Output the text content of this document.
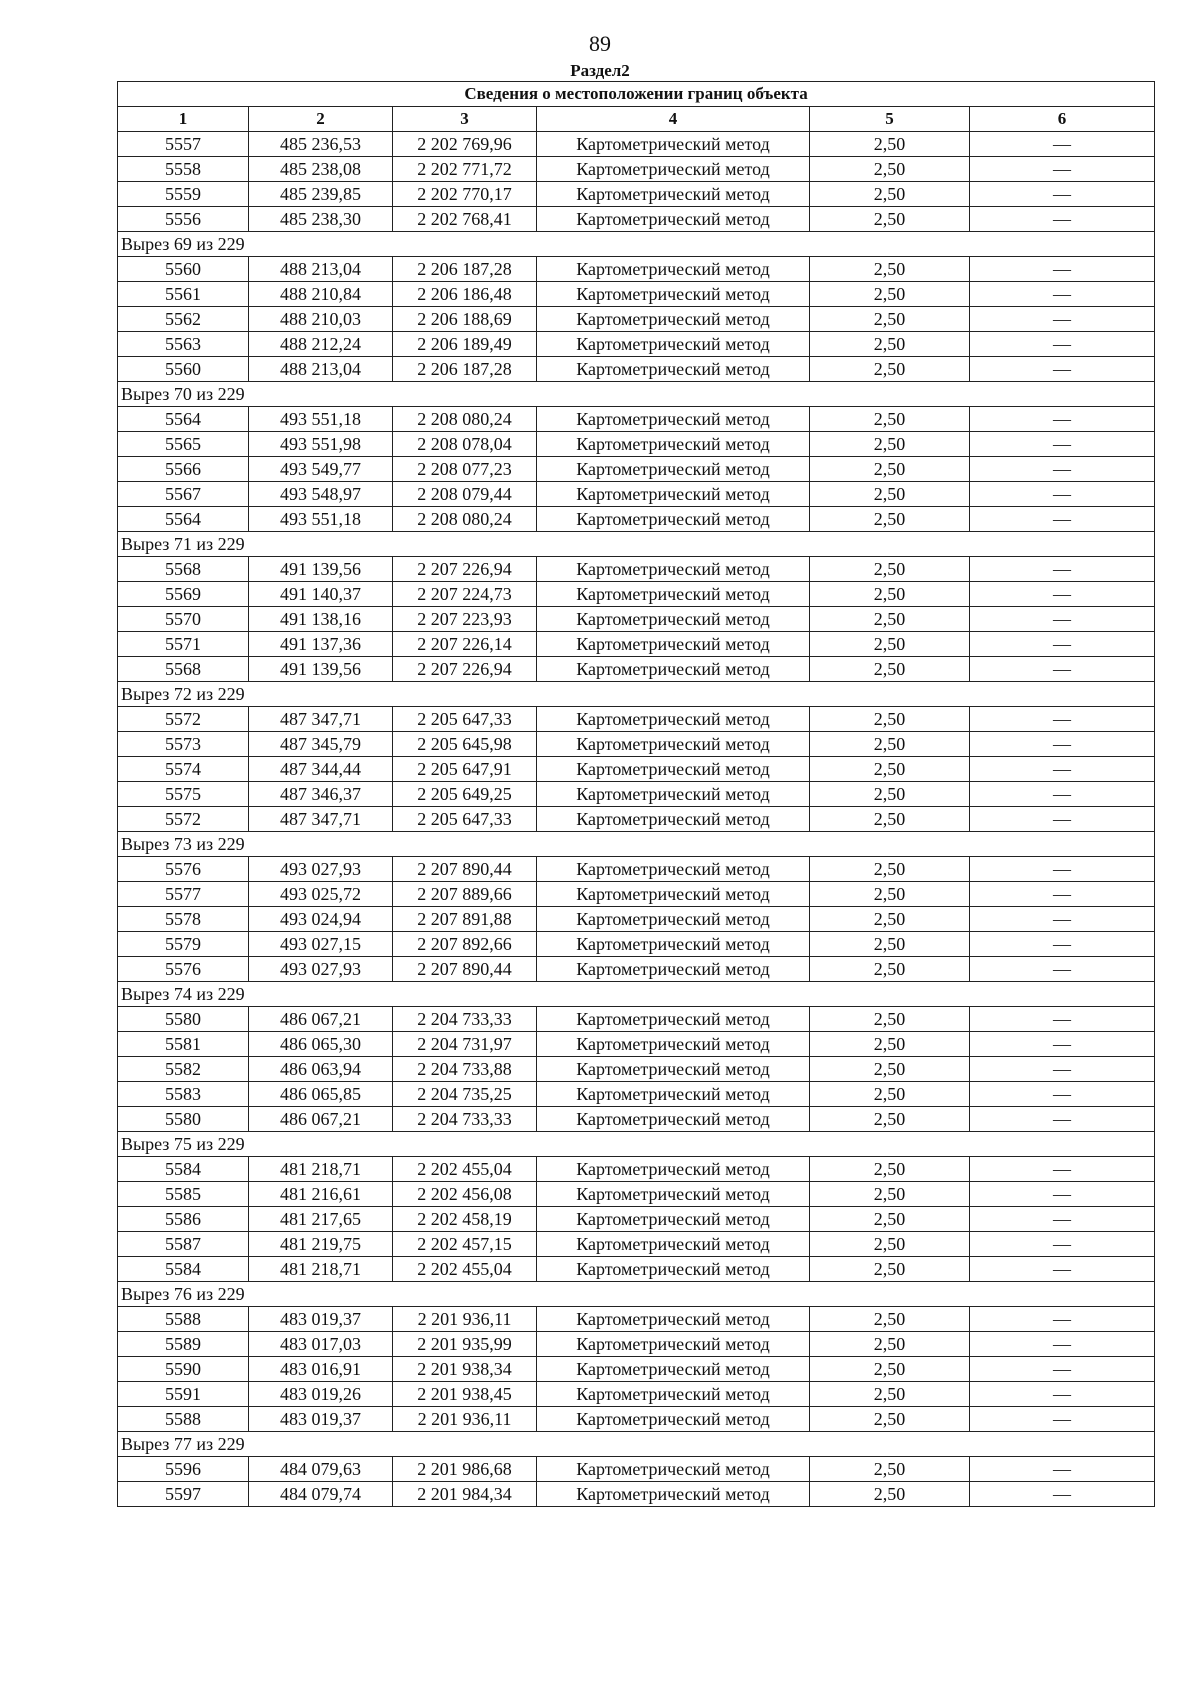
89
Раздел2
Сведения о местоположении границ объекта					
1	2	3	4	5	6
5557	485 236,53	2 202 769,96	Картометрический метод	2,50	—
5558	485 238,08	2 202 771,72	Картометрический метод	2,50	—
5559	485 239,85	2 202 770,17	Картометрический метод	2,50	—
5556	485 238,30	2 202 768,41	Картометрический метод	2,50	—
Вырез 69 из 229					
5560	488 213,04	2 206 187,28	Картометрический метод	2,50	—
5561	488 210,84	2 206 186,48	Картометрический метод	2,50	—
5562	488 210,03	2 206 188,69	Картометрический метод	2,50	—
5563	488 212,24	2 206 189,49	Картометрический метод	2,50	—
5560	488 213,04	2 206 187,28	Картометрический метод	2,50	—
Вырез 70 из 229					
5564	493 551,18	2 208 080,24	Картометрический метод	2,50	—
5565	493 551,98	2 208 078,04	Картометрический метод	2,50	—
5566	493 549,77	2 208 077,23	Картометрический метод	2,50	—
5567	493 548,97	2 208 079,44	Картометрический метод	2,50	—
5564	493 551,18	2 208 080,24	Картометрический метод	2,50	—
Вырез 71 из 229					
5568	491 139,56	2 207 226,94	Картометрический метод	2,50	—
5569	491 140,37	2 207 224,73	Картометрический метод	2,50	—
5570	491 138,16	2 207 223,93	Картометрический метод	2,50	—
5571	491 137,36	2 207 226,14	Картометрический метод	2,50	—
5568	491 139,56	2 207 226,94	Картометрический метод	2,50	—
Вырез 72 из 229					
5572	487 347,71	2 205 647,33	Картометрический метод	2,50	—
5573	487 345,79	2 205 645,98	Картометрический метод	2,50	—
5574	487 344,44	2 205 647,91	Картометрический метод	2,50	—
5575	487 346,37	2 205 649,25	Картометрический метод	2,50	—
5572	487 347,71	2 205 647,33	Картометрический метод	2,50	—
Вырез 73 из 229					
5576	493 027,93	2 207 890,44	Картометрический метод	2,50	—
5577	493 025,72	2 207 889,66	Картометрический метод	2,50	—
5578	493 024,94	2 207 891,88	Картометрический метод	2,50	—
5579	493 027,15	2 207 892,66	Картометрический метод	2,50	—
5576	493 027,93	2 207 890,44	Картометрический метод	2,50	—
Вырез 74 из 229					
5580	486 067,21	2 204 733,33	Картометрический метод	2,50	—
5581	486 065,30	2 204 731,97	Картометрический метод	2,50	—
5582	486 063,94	2 204 733,88	Картометрический метод	2,50	—
5583	486 065,85	2 204 735,25	Картометрический метод	2,50	—
5580	486 067,21	2 204 733,33	Картометрический метод	2,50	—
Вырез 75 из 229					
5584	481 218,71	2 202 455,04	Картометрический метод	2,50	—
5585	481 216,61	2 202 456,08	Картометрический метод	2,50	—
5586	481 217,65	2 202 458,19	Картометрический метод	2,50	—
5587	481 219,75	2 202 457,15	Картометрический метод	2,50	—
5584	481 218,71	2 202 455,04	Картометрический метод	2,50	—
Вырез 76 из 229					
5588	483 019,37	2 201 936,11	Картометрический метод	2,50	—
5589	483 017,03	2 201 935,99	Картометрический метод	2,50	—
5590	483 016,91	2 201 938,34	Картометрический метод	2,50	—
5591	483 019,26	2 201 938,45	Картометрический метод	2,50	—
5588	483 019,37	2 201 936,11	Картометрический метод	2,50	—
Вырез 77 из 229					
5596	484 079,63	2 201 986,68	Картометрический метод	2,50	—
5597	484 079,74	2 201 984,34	Картометрический метод	2,50	—
